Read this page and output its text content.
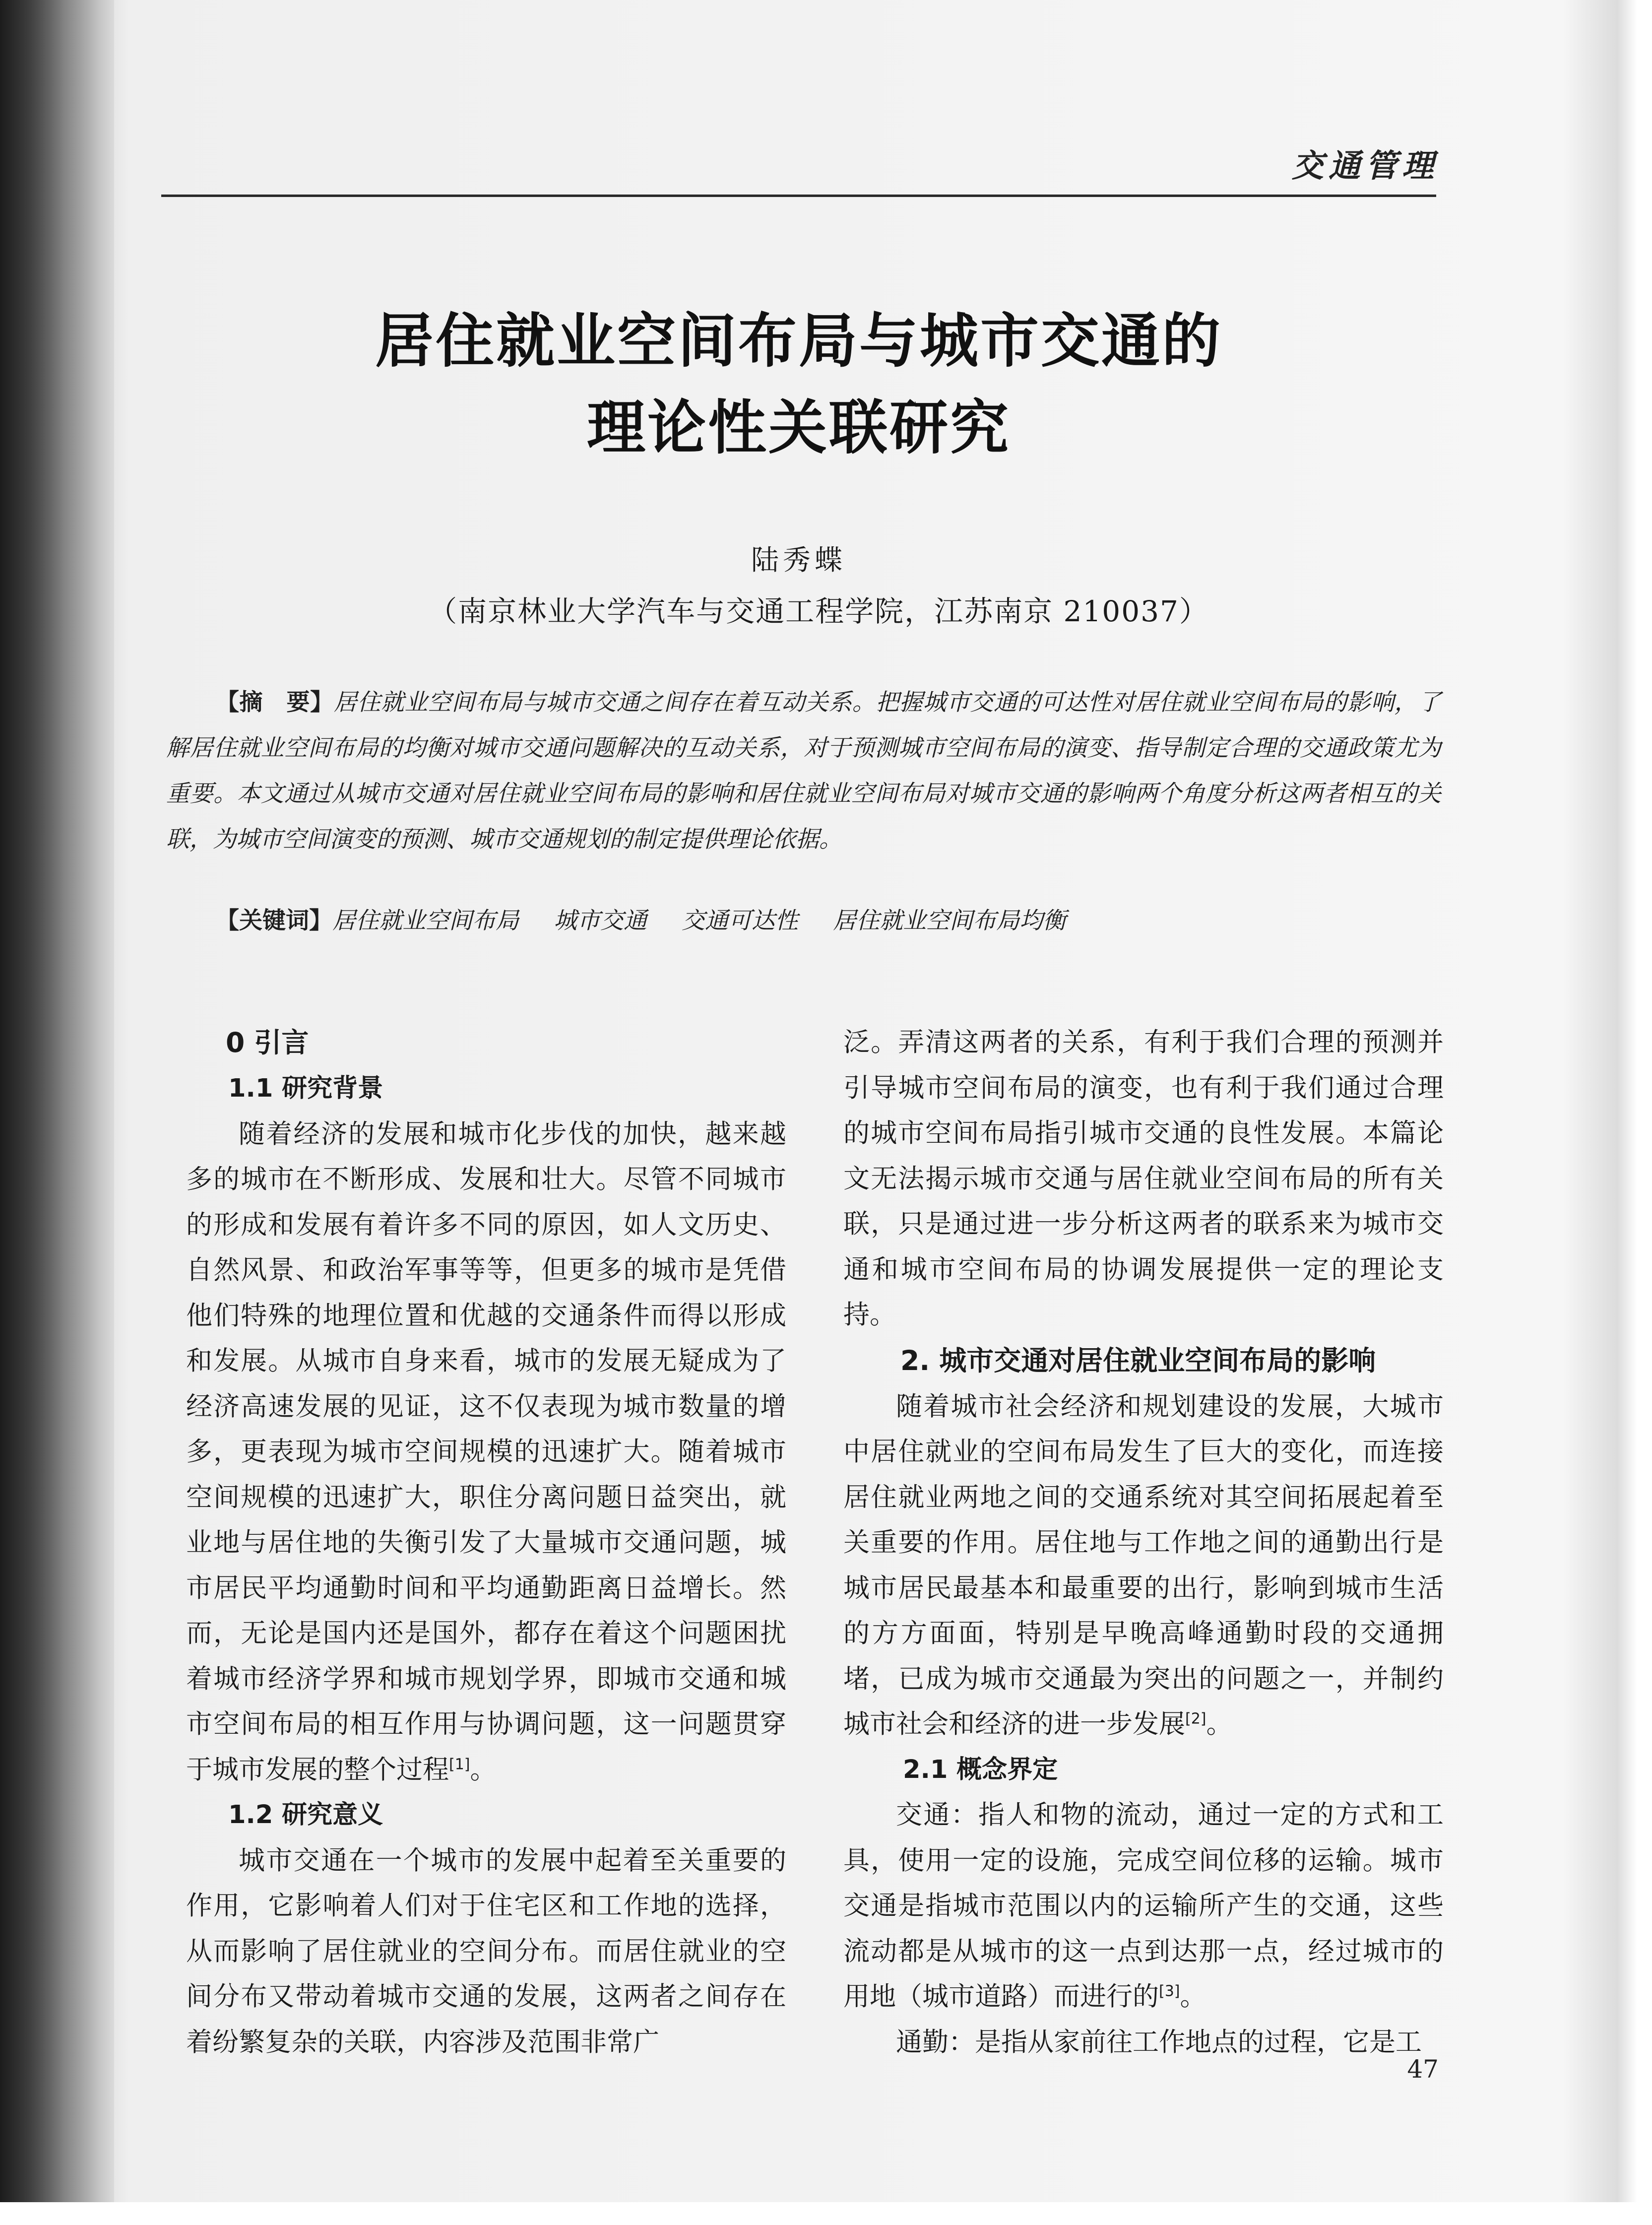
交通管理
居住就业空间布局与城市交通的
理论性关联研究
陆秀蝶
（南京林业大学汽车与交通工程学院，江苏南京 210037）
【摘　要】居住就业空间布局与城市交通之间存在着互动关系。把握城市交通的可达性对居住就业空间布局的影响，了解居住就业空间布局的均衡对城市交通问题解决的互动关系，对于预测城市空间布局的演变、指导制定合理的交通政策尤为重要。本文通过从城市交通对居住就业空间布局的影响和居住就业空间布局对城市交通的影响两个角度分析这两者相互的关联，为城市空间演变的预测、城市交通规划的制定提供理论依据。
【关键词】居住就业空间布局 城市交通 交通可达性 居住就业空间布局均衡
0 引言
1.1 研究背景

随着经济的发展和城市化步伐的加快，越来越多的城市在不断形成、发展和壮大。尽管不同城市的形成和发展有着许多不同的原因，如人文历史、自然风景、和政治军事等等，但更多的城市是凭借他们特殊的地理位置和优越的交通条件而得以形成和发展。从城市自身来看，城市的发展无疑成为了经济高速发展的见证，这不仅表现为城市数量的增多，更表现为城市空间规模的迅速扩大。随着城市空间规模的迅速扩大，职住分离问题日益突出，就业地与居住地的失衡引发了大量城市交通问题，城市居民平均通勤时间和平均通勤距离日益增长。然而，无论是国内还是国外，都存在着这个问题困扰着城市经济学界和城市规划学界，即城市交通和城市空间布局的相互作用与协调问题，这一问题贯穿于城市发展的整个过程[1]。

1.2 研究意义

城市交通在一个城市的发展中起着至关重要的作用，它影响着人们对于住宅区和工作地的选择，从而影响了居住就业的空间分布。而居住就业的空间分布又带动着城市交通的发展，这两者之间存在着纷繁复杂的关联，内容涉及范围非常广

泛。弄清这两者的关系，有利于我们合理的预测并引导城市空间布局的演变，也有利于我们通过合理的城市空间布局指引城市交通的良性发展。本篇论文无法揭示城市交通与居住就业空间布局的所有关联，只是通过进一步分析这两者的联系来为城市交通和城市空间布局的协调发展提供一定的理论支持。

2. 城市交通对居住就业空间布局的影响

随着城市社会经济和规划建设的发展，大城市中居住就业的空间布局发生了巨大的变化，而连接居住就业两地之间的交通系统对其空间拓展起着至关重要的作用。居住地与工作地之间的通勤出行是城市居民最基本和最重要的出行，影响到城市生活的方方面面，特别是早晚高峰通勤时段的交通拥堵，已成为城市交通最为突出的问题之一，并制约城市社会和经济的进一步发展[2]。

2.1 概念界定

交通：指人和物的流动，通过一定的方式和工具，使用一定的设施，完成空间位移的运输。城市交通是指城市范围以内的运输所产生的交通，这些流动都是从城市的这一点到达那一点，经过城市的用地（城市道路）而进行的[3]。

通勤：是指从家前往工作地点的过程，它是工

47
